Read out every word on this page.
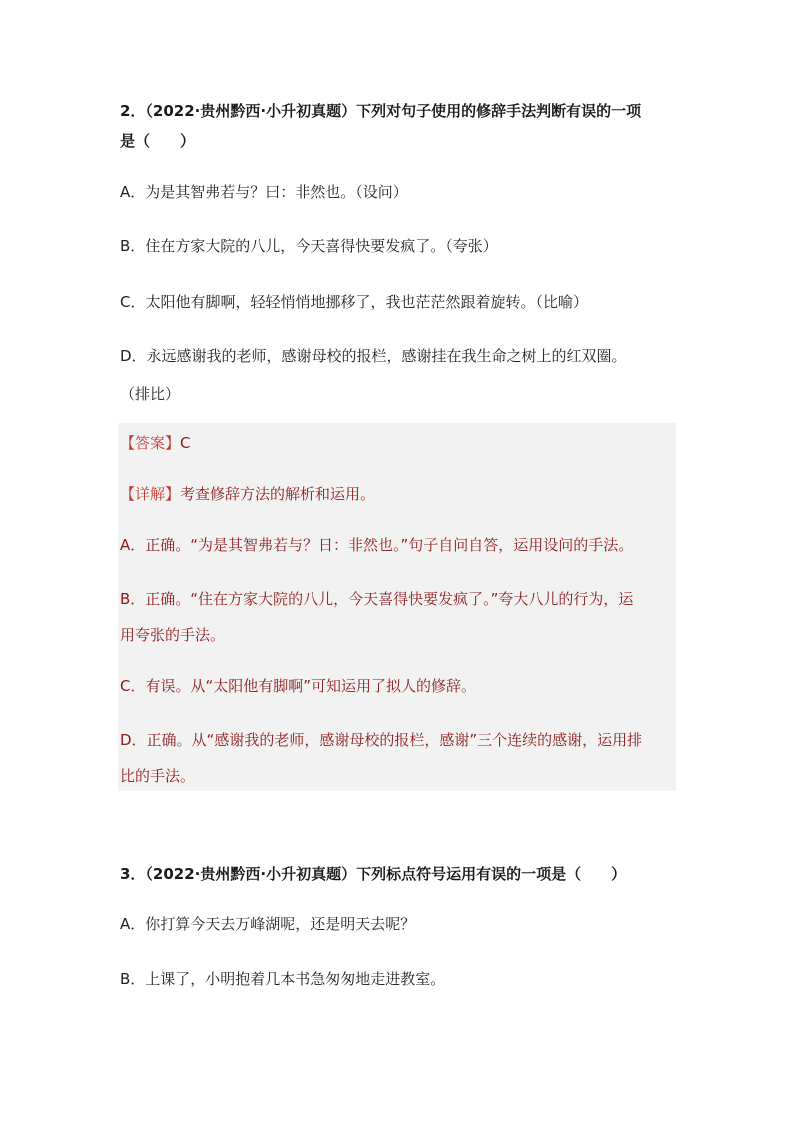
2．（2022·贵州黔西·小升初真题）下列对句子使用的修辞手法判断有误的一项
是（　　）
A．为是其智弗若与？曰：非然也。（设问）
B．住在方家大院的八儿，今天喜得快要发疯了。（夸张）
C．太阳他有脚啊，轻轻悄悄地挪移了，我也茫茫然跟着旋转。（比喻）
D．永远感谢我的老师，感谢母校的报栏，感谢挂在我生命之树上的红双圈。
（排比）
【答案】C
【详解】考查修辞方法的解析和运用。
A．正确。“为是其智弗若与？日：非然也。”句子自问自答，运用设问的手法。
B．正确。“住在方家大院的八儿，今天喜得快要发疯了。”夸大八儿的行为，运
用夸张的手法。
C．有误。从“太阳他有脚啊”可知运用了拟人的修辞。
D．正确。从“感谢我的老师，感谢母校的报栏，感谢”三个连续的感谢，运用排
比的手法。
3．（2022·贵州黔西·小升初真题）下列标点符号运用有误的一项是（　　）
A．你打算今天去万峰湖呢，还是明天去呢？
B．上课了，小明抱着几本书急匆匆地走进教室。
